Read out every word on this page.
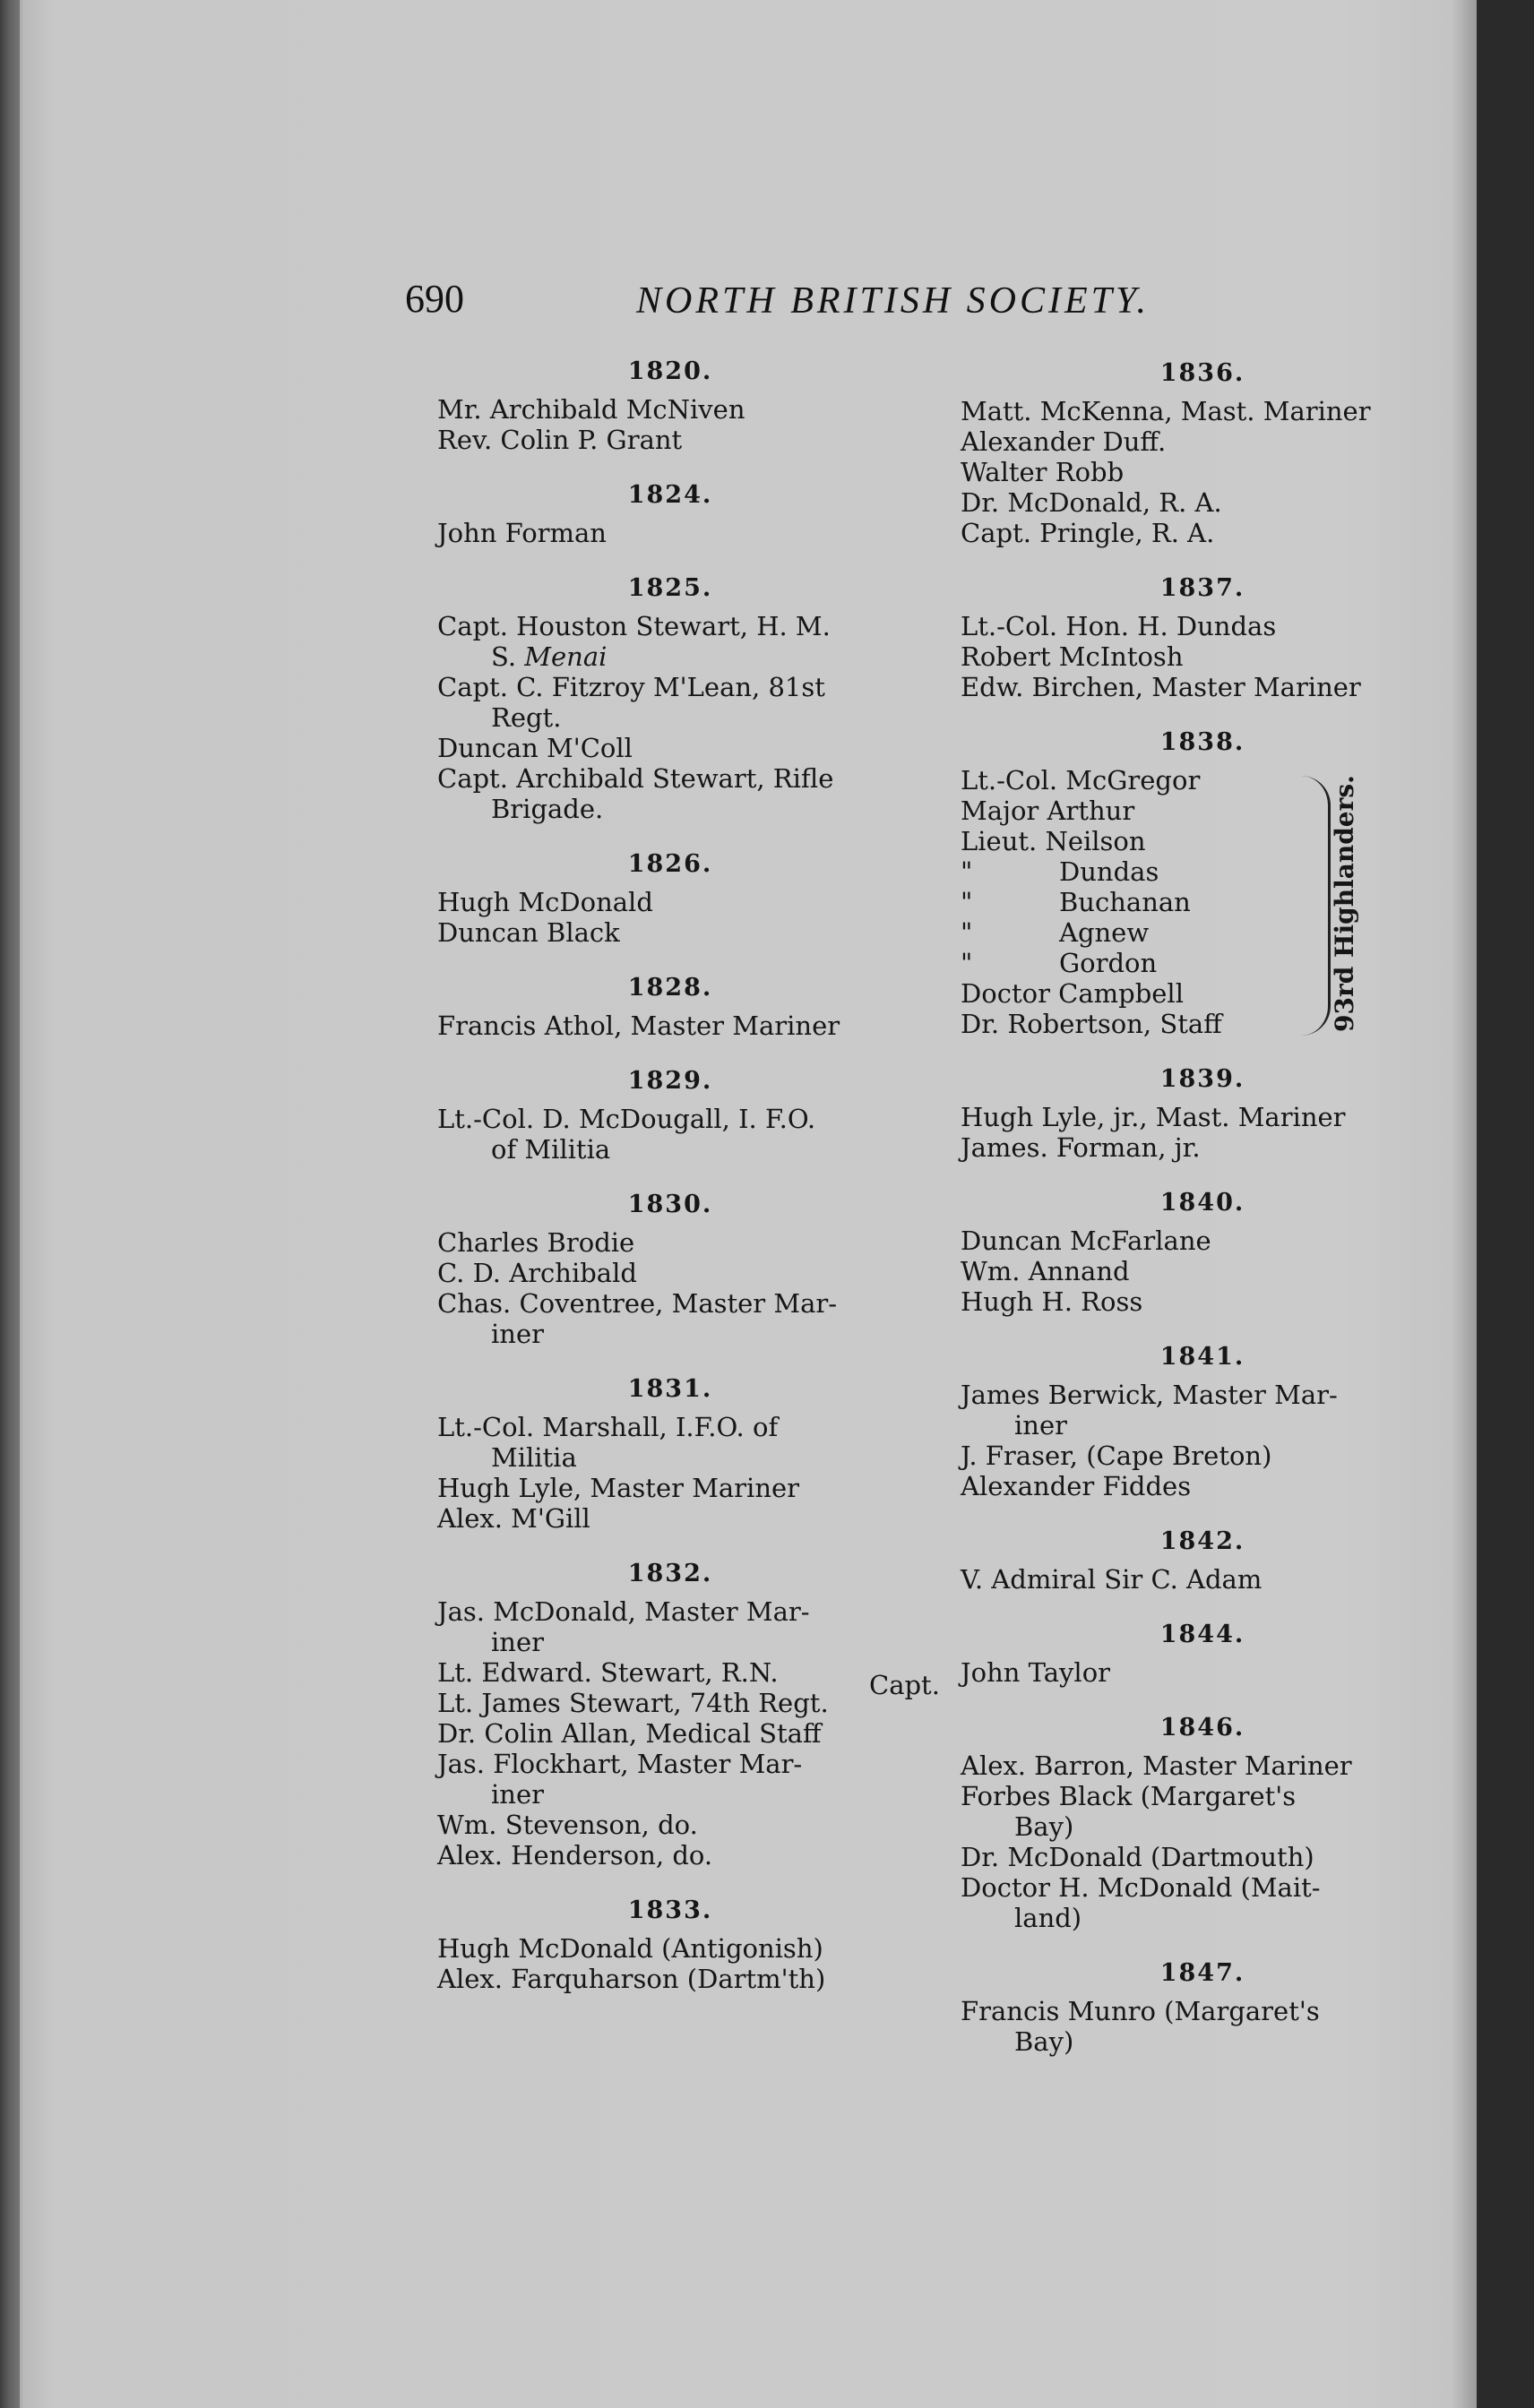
690	NORTH BRITISH SOCIETY.
1820.
Mr. Archibald McNiven
Rev. Colin P. Grant
1824.
John Forman
1825.
Capt. Houston Stewart, H. M.
S. Menai
Capt. C. Fitzroy M'Lean, 81st
Regt.
Duncan M'Coll
Capt. Archibald Stewart, Rifle
Brigade.
1826.
Hugh McDonald
Duncan Black
1828.
Francis Athol, Master Mariner
1829.
Lt.-Col. D. McDougall, I. F.O.
of Militia
1830.
Charles Brodie
C. D. Archibald
Chas. Coventree, Master Mar-
iner
1831.
Lt.-Col. Marshall, I.F.O. of
Militia
Hugh Lyle, Master Mariner
Alex. M'Gill
1832.
Jas. McDonald, Master Mar-
iner
Lt. Edward. Stewart, R.N.
Lt. James Stewart, 74th Regt.
Dr. Colin Allan, Medical Staff
Jas. Flockhart, Master Mar-
iner
Wm. Stevenson, do.
Alex. Henderson, do.
1833.
Hugh McDonald (Antigonish)
Alex. Farquharson (Dartm'th)
1836.
Matt. McKenna, Mast. Mariner
Alexander Duff.
Walter Robb
Dr. McDonald, R. A.
Capt. Pringle, R. A.
1837.
Lt.-Col. Hon. H. Dundas
Robert McIntosh
Edw. Birchen, Master Mariner
1838.
93rd Highlanders.
Lt.-Col. McGregor
Major Arthur
Lieut. Neilson
"	Dundas
"	Buchanan
"	Agnew
"	Gordon
Doctor Campbell
Dr. Robertson, Staff
1839.
Hugh Lyle, jr., Mast. Mariner
James. Forman, jr.
1840.
Duncan McFarlane
Wm. Annand
Hugh H. Ross
1841.
James Berwick, Master Mar-
iner
J. Fraser, (Cape Breton)
Alexander Fiddes
1842.
V. Admiral Sir C. Adam
1844.
John Taylor
1846.
Alex. Barron, Master Mariner
Forbes Black (Margaret's
Bay)
Dr. McDonald (Dartmouth)
Doctor H. McDonald (Mait-
land)
1847.
Francis Munro (Margaret's
Bay)
Capt.
